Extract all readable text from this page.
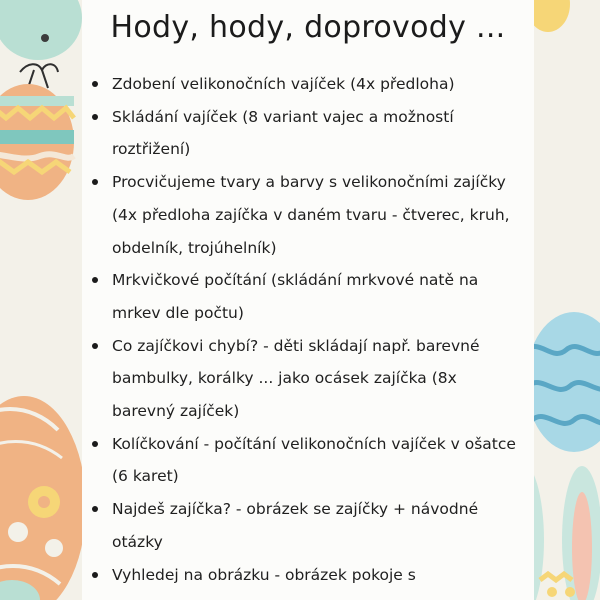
Hody, hody, doprovody ...
Zdobení velikonočních vajíček (4x předloha)
Skládání vajíček (8 variant vajec a možností roztřižení)
Procvičujeme tvary a barvy s velikonočními zajíčky (4x předloha zajíčka v daném tvaru - čtverec, kruh, obdelník, trojúhelník)
Mrkvičkové počítání (skládání mrkvové natě na mrkev dle počtu)
Co zajíčkovi chybí? - děti skládají např. barevné bambulky, korálky ... jako ocásek zajíčka (8x barevný zajíček)
Kolíčkování - počítání velikonočních vajíček v ošatce (6 karet)
Najdeš zajíčka? - obrázek se zajíčky + návodné otázky
Vyhledej na obrázku - obrázek pokoje s
